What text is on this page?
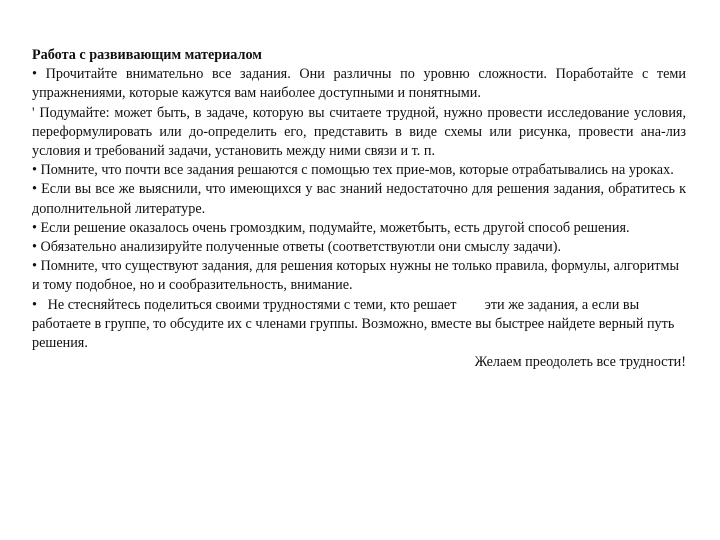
Работа с развивающим материалом

• Прочитайте внимательно все задания. Они различны по уровню сложности. Поработайте с теми упражнениями, которые кажутся вам наиболее доступными и понятными.

' Подумайте: может быть, в задаче, которую вы считаете трудной, нужно провести исследование условия, переформулировать или до-определить его, представить в виде схемы или рисунка, провести ана-лиз условия и требований задачи, установить между ними связи и т. п.

• Помните, что почти все задания решаются с помощью тех прие-мов, которые отрабатывались на уроках.

• Если вы все же выяснили, что имеющихся у вас знаний недостаточно для решения задания, обратитесь к дополнительной литературе.

• Если решение оказалось очень громоздким, подумайте, можетбыть, есть другой способ решения.

• Обязательно анализируйте полученные ответы (соответствуютли они смыслу задачи).

• Помните, что существуют задания, для решения которых нужны не только правила, формулы, алгоритмы и тому подобное, но и сообразительность, внимание.

•   Не стесняйтесь поделиться своими трудностями с теми, кто решает        эти же задания, а если вы работаете в группе, то обсудите их с членами группы. Возможно, вместе вы быстрее найдете верный путь решения.

Желаем преодолеть все трудности!
